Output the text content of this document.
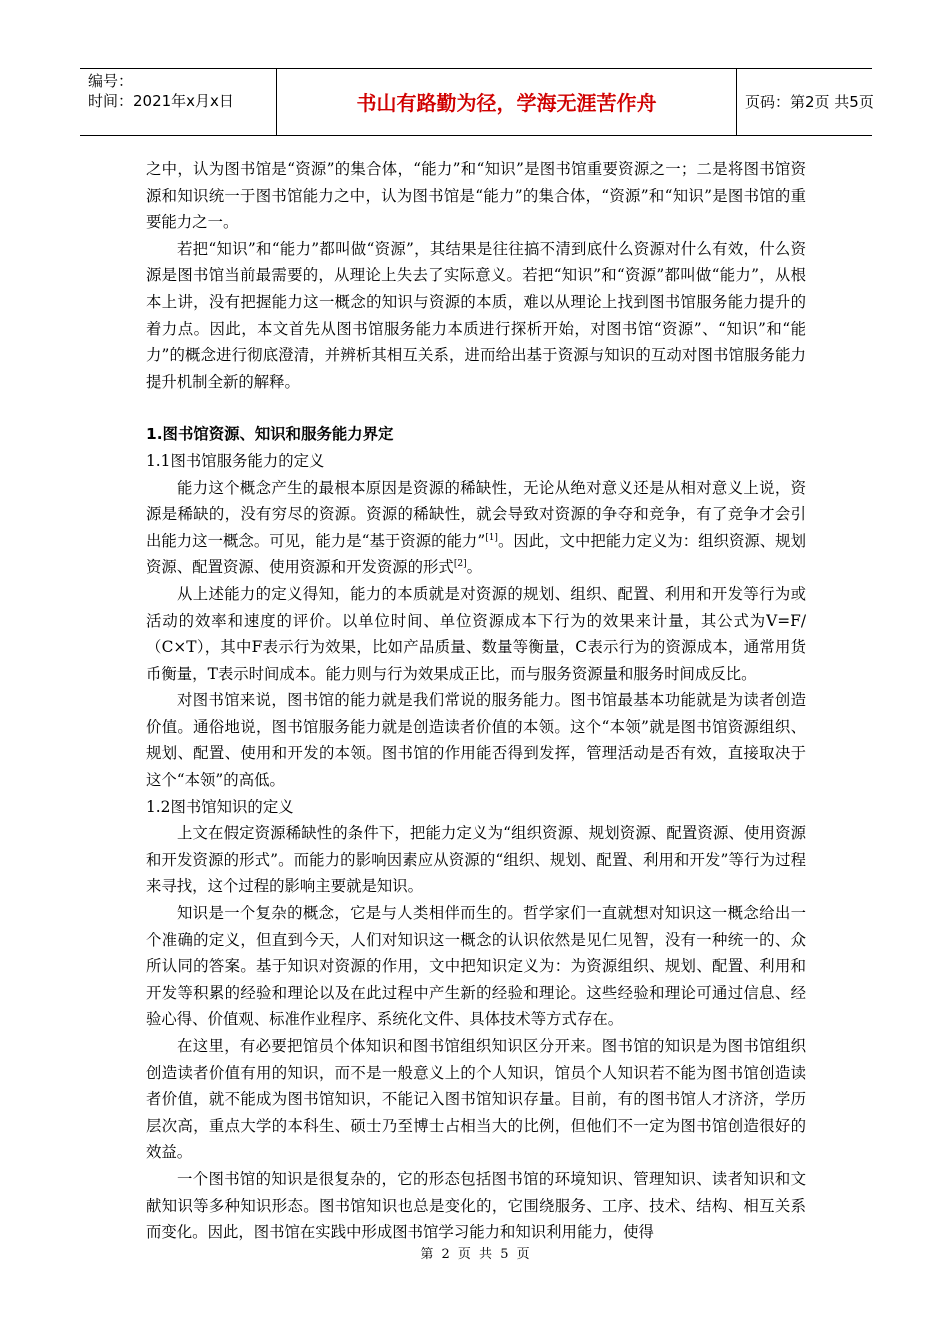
编号：
时间：2021年x月x日	书山有路勤为径，学海无涯苦作舟	页码：第2页 共5页

之中，认为图书馆是“资源”的集合体，“能力”和“知识”是图书馆重要资源之一；二是将图书馆资源和知识统一于图书馆能力之中，认为图书馆是“能力”的集合体，“资源”和“知识”是图书馆的重要能力之一。

若把“知识”和“能力”都叫做“资源”，其结果是往往搞不清到底什么资源对什么有效，什么资源是图书馆当前最需要的，从理论上失去了实际意义。若把“知识”和“资源”都叫做“能力”，从根本上讲，没有把握能力这一概念的知识与资源的本质，难以从理论上找到图书馆服务能力提升的着力点。因此，本文首先从图书馆服务能力本质进行探析开始，对图书馆“资源”、“知识”和“能力”的概念进行彻底澄清，并辨析其相互关系，进而给出基于资源与知识的互动对图书馆服务能力提升机制全新的解释。

1.图书馆资源、知识和服务能力界定
1.1图书馆服务能力的定义

能力这个概念产生的最根本原因是资源的稀缺性，无论从绝对意义还是从相对意义上说，资源是稀缺的，没有穷尽的资源。资源的稀缺性，就会导致对资源的争夺和竞争，有了竞争才会引出能力这一概念。可见，能力是“基于资源的能力”[1]。因此，文中把能力定义为：组织资源、规划资源、配置资源、使用资源和开发资源的形式[2]。

从上述能力的定义得知，能力的本质就是对资源的规划、组织、配置、利用和开发等行为或活动的效率和速度的评价。以单位时间、单位资源成本下行为的效果来计量，其公式为V=F/（C×T），其中F表示行为效果，比如产品质量、数量等衡量，C表示行为的资源成本，通常用货币衡量，T表示时间成本。能力则与行为效果成正比，而与服务资源量和服务时间成反比。

对图书馆来说，图书馆的能力就是我们常说的服务能力。图书馆最基本功能就是为读者创造价值。通俗地说，图书馆服务能力就是创造读者价值的本领。这个“本领”就是图书馆资源组织、规划、配置、使用和开发的本领。图书馆的作用能否得到发挥，管理活动是否有效，直接取决于这个“本领”的高低。

1.2图书馆知识的定义

上文在假定资源稀缺性的条件下，把能力定义为“组织资源、规划资源、配置资源、使用资源和开发资源的形式”。而能力的影响因素应从资源的“组织、规划、配置、利用和开发”等行为过程来寻找，这个过程的影响主要就是知识。

知识是一个复杂的概念，它是与人类相伴而生的。哲学家们一直就想对知识这一概念给出一个准确的定义，但直到今天，人们对知识这一概念的认识依然是见仁见智，没有一种统一的、众所认同的答案。基于知识对资源的作用，文中把知识定义为：为资源组织、规划、配置、利用和开发等积累的经验和理论以及在此过程中产生新的经验和理论。这些经验和理论可通过信息、经验心得、价值观、标准作业程序、系统化文件、具体技术等方式存在。

在这里，有必要把馆员个体知识和图书馆组织知识区分开来。图书馆的知识是为图书馆组织创造读者价值有用的知识，而不是一般意义上的个人知识，馆员个人知识若不能为图书馆创造读者价值，就不能成为图书馆知识，不能记入图书馆知识存量。目前，有的图书馆人才济济，学历层次高，重点大学的本科生、硕士乃至博士占相当大的比例，但他们不一定为图书馆创造很好的效益。

一个图书馆的知识是很复杂的，它的形态包括图书馆的环境知识、管理知识、读者知识和文献知识等多种知识形态。图书馆知识也总是变化的，它围绕服务、工序、技术、结构、相互关系而变化。因此，图书馆在实践中形成图书馆学习能力和知识利用能力，使得

第 2 页 共 5 页
